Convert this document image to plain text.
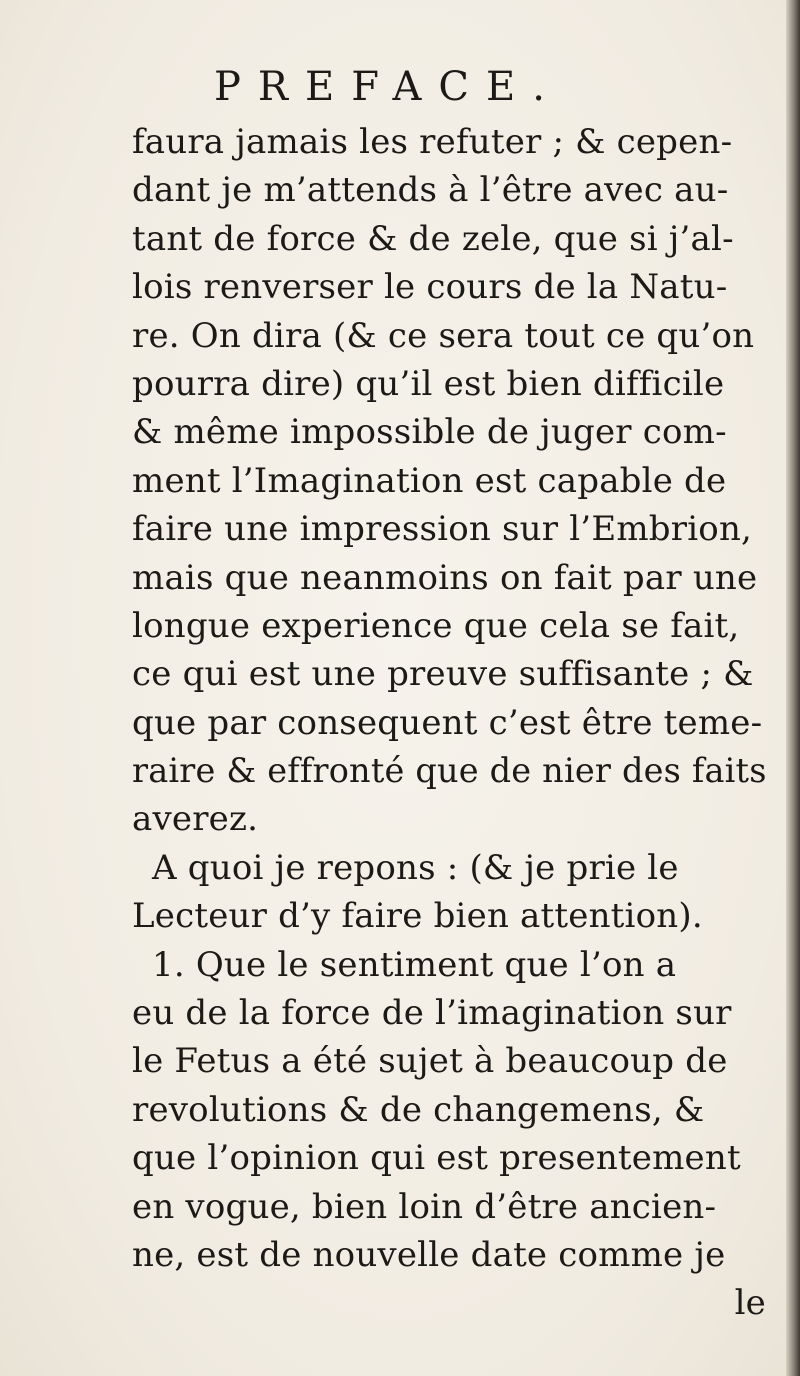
PREFACE.
faura jamais les refuter ; & cepen-
dant je m’attends à l’être avec au-
tant de force & de zele, que si j’al-
lois renverser le cours de la Natu-
re. On dira (& ce sera tout ce qu’on
pourra dire) qu’il est bien difficile
& même impossible de juger com-
ment l’Imagination est capable de
faire une impression sur l’Embrion,
mais que neanmoins on fait par une
longue experience que cela se fait,
ce qui est une preuve suffisante ; &
que par consequent c’est être teme-
raire & effronté que de nier des faits
averez.
A quoi je repons : (& je prie le
Lecteur d’y faire bien attention).
1. Que le sentiment que l’on a
eu de la force de l’imagination sur
le Fetus a été sujet à beaucoup de
revolutions & de changemens, &
que l’opinion qui est presentement
en vogue, bien loin d’être ancien-
ne, est de nouvelle date comme je
le
